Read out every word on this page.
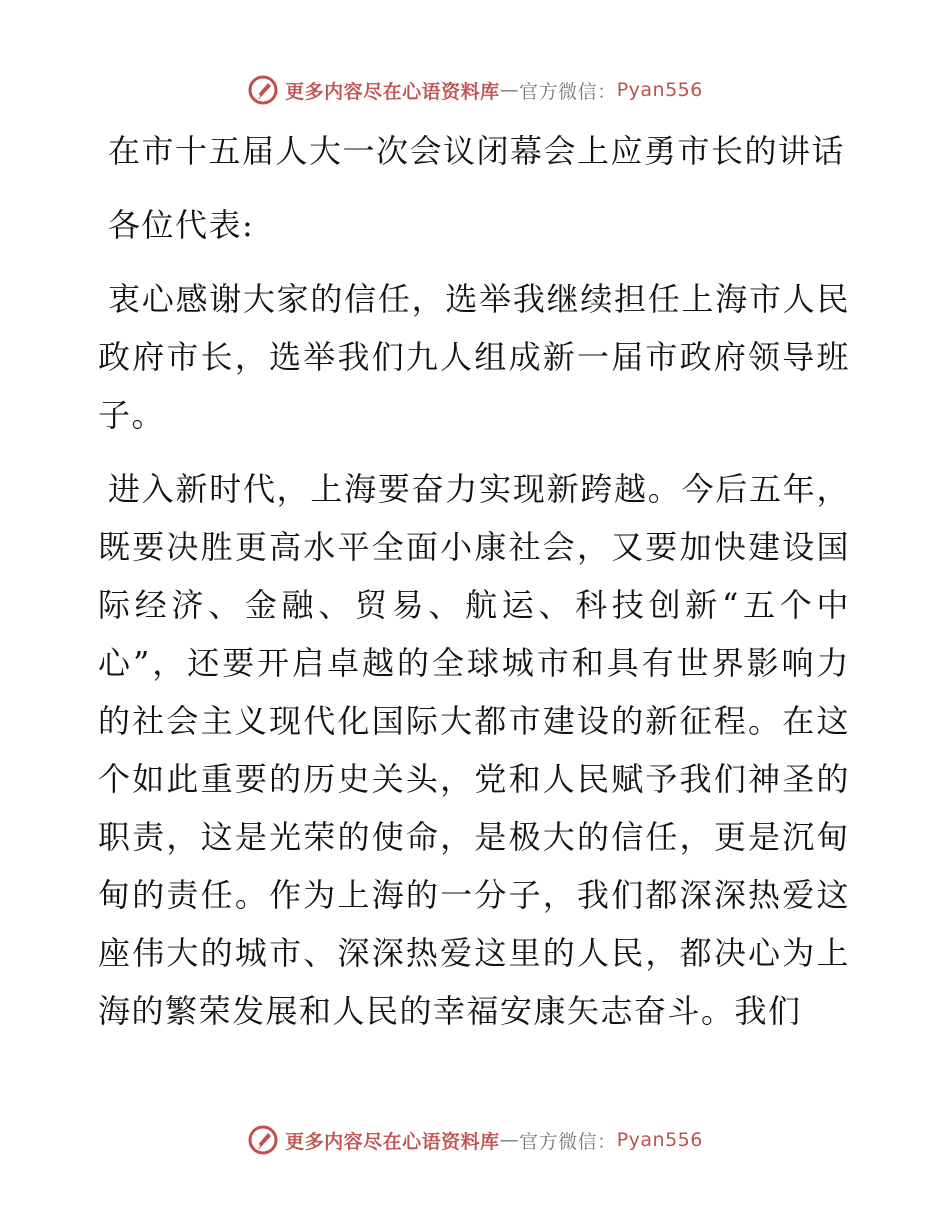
更多内容尽在心语资料库 — 官方微信： Pyan556

在市十五届人大一次会议闭幕会上应勇市长的讲话

各位代表:

衷心感谢大家的信任，选举我继续担任上海市人民政府市长，选举我们九人组成新一届市政府领导班子。

进入新时代，上海要奋力实现新跨越。今后五年，既要决胜更高水平全面小康社会，又要加快建设国际经济、金融、贸易、航运、科技创新“五个中心”，还要开启卓越的全球城市和具有世界影响力的社会主义现代化国际大都市建设的新征程。在这个如此重要的历史关头，党和人民赋予我们神圣的职责，这是光荣的使命，是极大的信任，更是沉甸甸的责任。作为上海的一分子，我们都深深热爱这座伟大的城市、深深热爱这里的人民，都决心为上海的繁荣发展和人民的幸福安康矢志奋斗。我们

更多内容尽在心语资料库 — 官方微信： Pyan556
